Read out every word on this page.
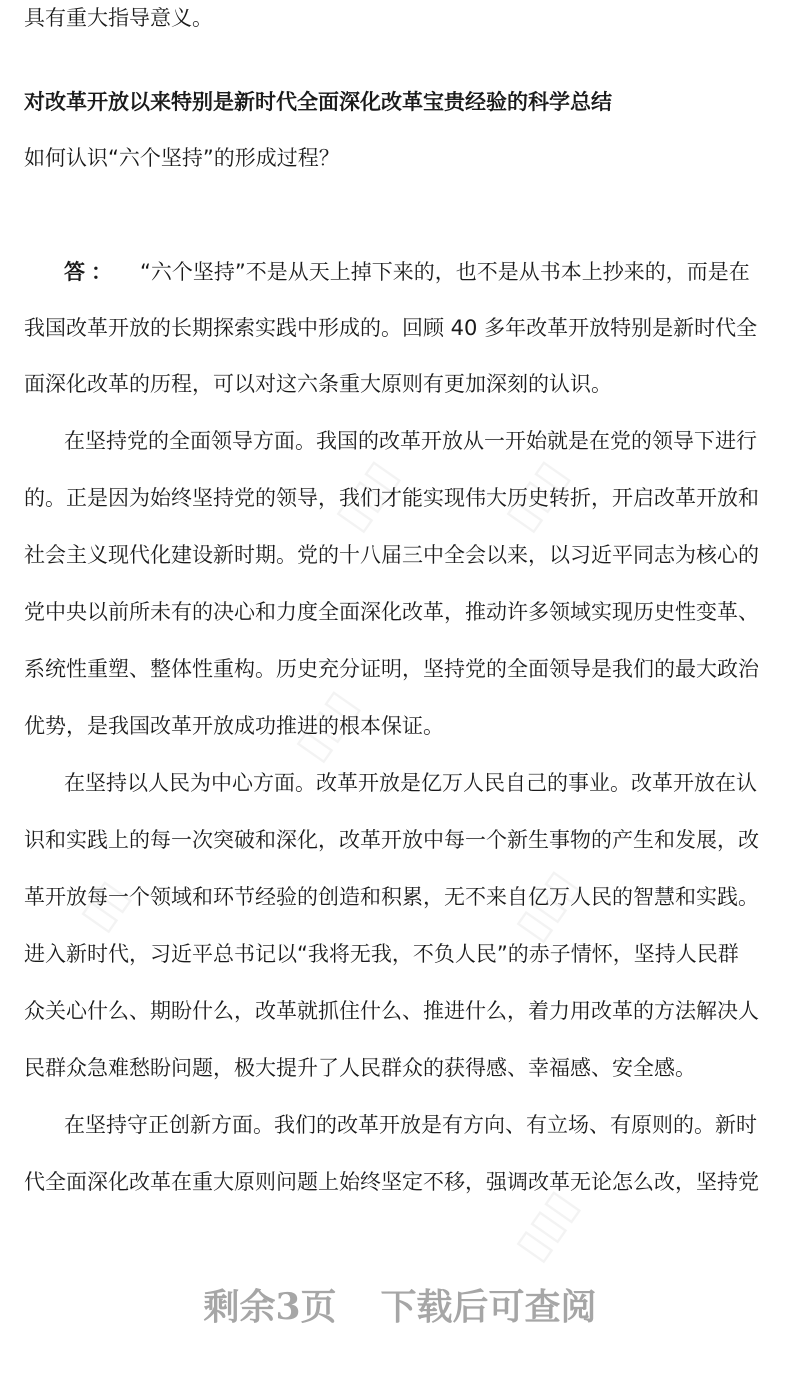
具有重大指导意义。
对改革开放以来特别是新时代全面深化改革宝贵经验的科学总结
如何认识“六个坚持”的形成过程？
答： “六个坚持”不是从天上掉下来的，也不是从书本上抄来的，而是在
我国改革开放的长期探索实践中形成的。回顾 40 多年改革开放特别是新时代全
面深化改革的历程，可以对这六条重大原则有更加深刻的认识。
在坚持党的全面领导方面。我国的改革开放从一开始就是在党的领导下进行
的。正是因为始终坚持党的领导，我们才能实现伟大历史转折，开启改革开放和
社会主义现代化建设新时期。党的十八届三中全会以来，以习近平同志为核心的
党中央以前所未有的决心和力度全面深化改革，推动许多领域实现历史性变革、
系统性重塑、整体性重构。历史充分证明，坚持党的全面领导是我们的最大政治
优势，是我国改革开放成功推进的根本保证。
在坚持以人民为中心方面。改革开放是亿万人民自己的事业。改革开放在认
识和实践上的每一次突破和深化，改革开放中每一个新生事物的产生和发展，改
革开放每一个领域和环节经验的创造和积累，无不来自亿万人民的智慧和实践。
进入新时代，习近平总书记以“我将无我，不负人民”的赤子情怀，坚持人民群
众关心什么、期盼什么，改革就抓住什么、推进什么，着力用改革的方法解决人
民群众急难愁盼问题，极大提升了人民群众的获得感、幸福感、安全感。
在坚持守正创新方面。我们的改革开放是有方向、有立场、有原则的。新时
代全面深化改革在重大原则问题上始终坚定不移，强调改革无论怎么改，坚持党
剩余3页 下载后可查阅
